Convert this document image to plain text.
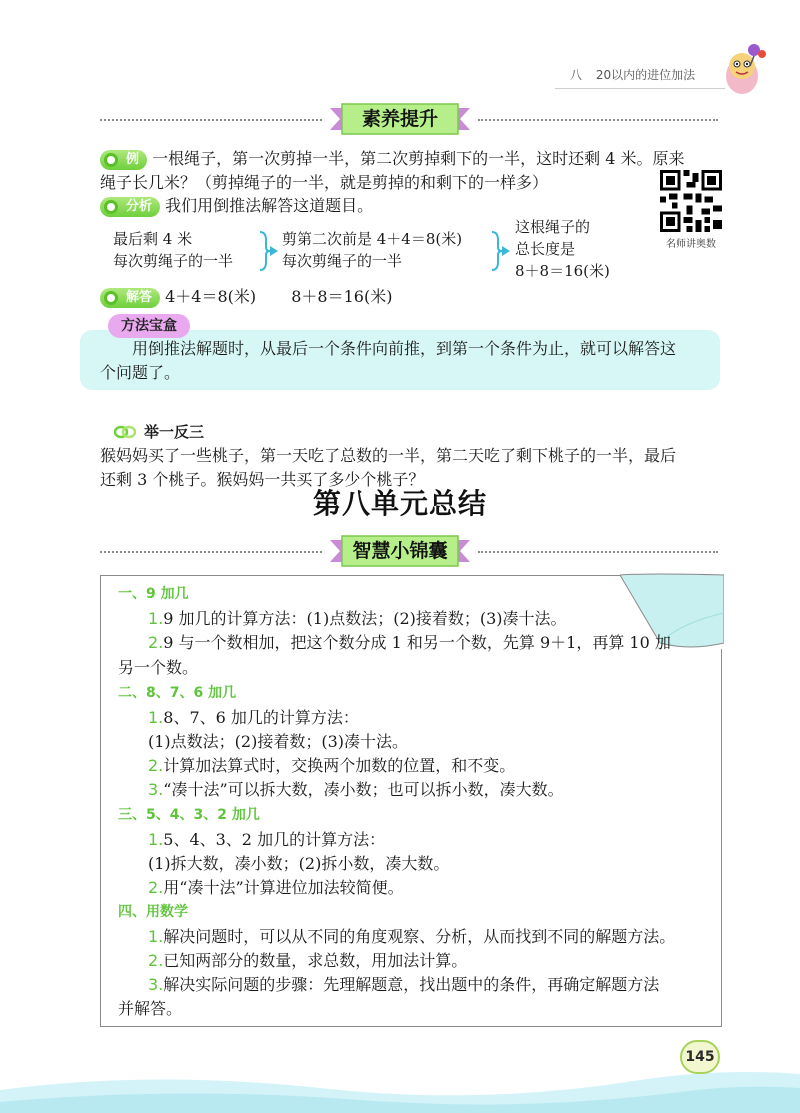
八 20以内的进位加法
素养提升
例 一根绳子，第一次剪掉一半，第二次剪掉剩下的一半，这时还剩 4 米。原来
绳子长几米？（剪掉绳子的一半，就是剪掉的和剩下的一样多）
名师讲奥数
分析 我们用倒推法解答这道题目。
最后剩 4 米
每次剪绳子的一半
剪第二次前是 4＋4＝8(米)
每次剪绳子的一半
这根绳子的
总长度是
8＋8＝16(米)
解答 4＋4＝8(米) 8＋8＝16(米)
方法宝盒
用倒推法解题时，从最后一个条件向前推，到第一个条件为止，就可以解答这
个问题了。
举一反三
猴妈妈买了一些桃子，第一天吃了总数的一半，第二天吃了剩下桃子的一半，最后
还剩 3 个桃子。猴妈妈一共买了多少个桃子？
第八单元总结
智慧小锦囊
一、9 加几
1.9 加几的计算方法：(1)点数法；(2)接着数；(3)凑十法。
2.9 与一个数相加，把这个数分成 1 和另一个数，先算 9＋1，再算 10 加
另一个数。
二、8、7、6 加几
1.8、7、6 加几的计算方法：
(1)点数法；(2)接着数；(3)凑十法。
2.计算加法算式时，交换两个加数的位置，和不变。
3.“凑十法”可以拆大数，凑小数；也可以拆小数，凑大数。
三、5、4、3、2 加几
1.5、4、3、2 加几的计算方法：
(1)拆大数，凑小数；(2)拆小数，凑大数。
2.用“凑十法”计算进位加法较简便。
四、用数学
1.解决问题时，可以从不同的角度观察、分析，从而找到不同的解题方法。
2.已知两部分的数量，求总数，用加法计算。
3.解决实际问题的步骤：先理解题意，找出题中的条件，再确定解题方法
并解答。
145
